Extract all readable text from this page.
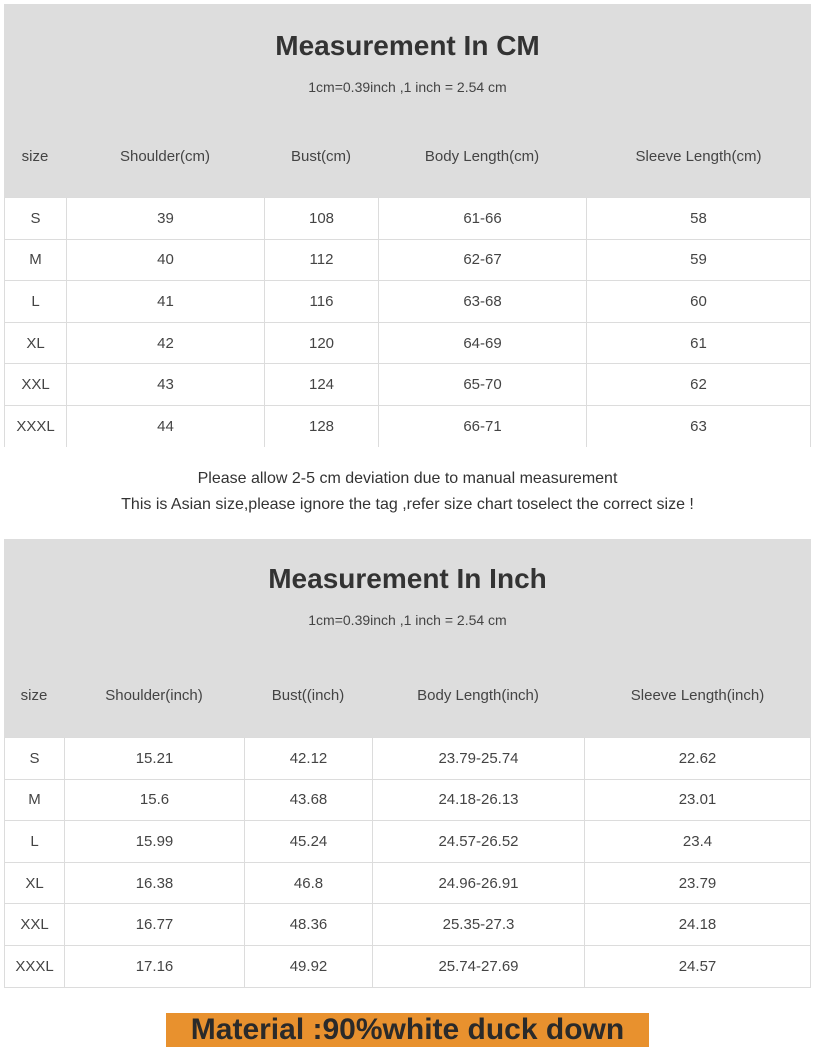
Measurement In CM
1cm=0.39inch ,1 inch = 2.54 cm
size	Shoulder(cm)	Bust(cm)	Body Length(cm)	Sleeve Length(cm)
S	39	108	61-66	58
M	40	112	62-67	59
L	41	116	63-68	60
XL	42	120	64-69	61
XXL	43	124	65-70	62
XXXL	44	128	66-71	63
Please allow 2-5 cm deviation due to manual measurement
This is Asian size,please ignore the tag ,refer size chart toselect the correct size !
Measurement In Inch
1cm=0.39inch ,1 inch = 2.54 cm
size	Shoulder(inch)	Bust((inch)	Body Length(inch)	Sleeve Length(inch)
S	15.21	42.12	23.79-25.74	22.62
M	15.6	43.68	24.18-26.13	23.01
L	15.99	45.24	24.57-26.52	23.4
XL	16.38	46.8	24.96-26.91	23.79
XXL	16.77	48.36	25.35-27.3	24.18
XXXL	17.16	49.92	25.74-27.69	24.57
Material :90%white duck down
